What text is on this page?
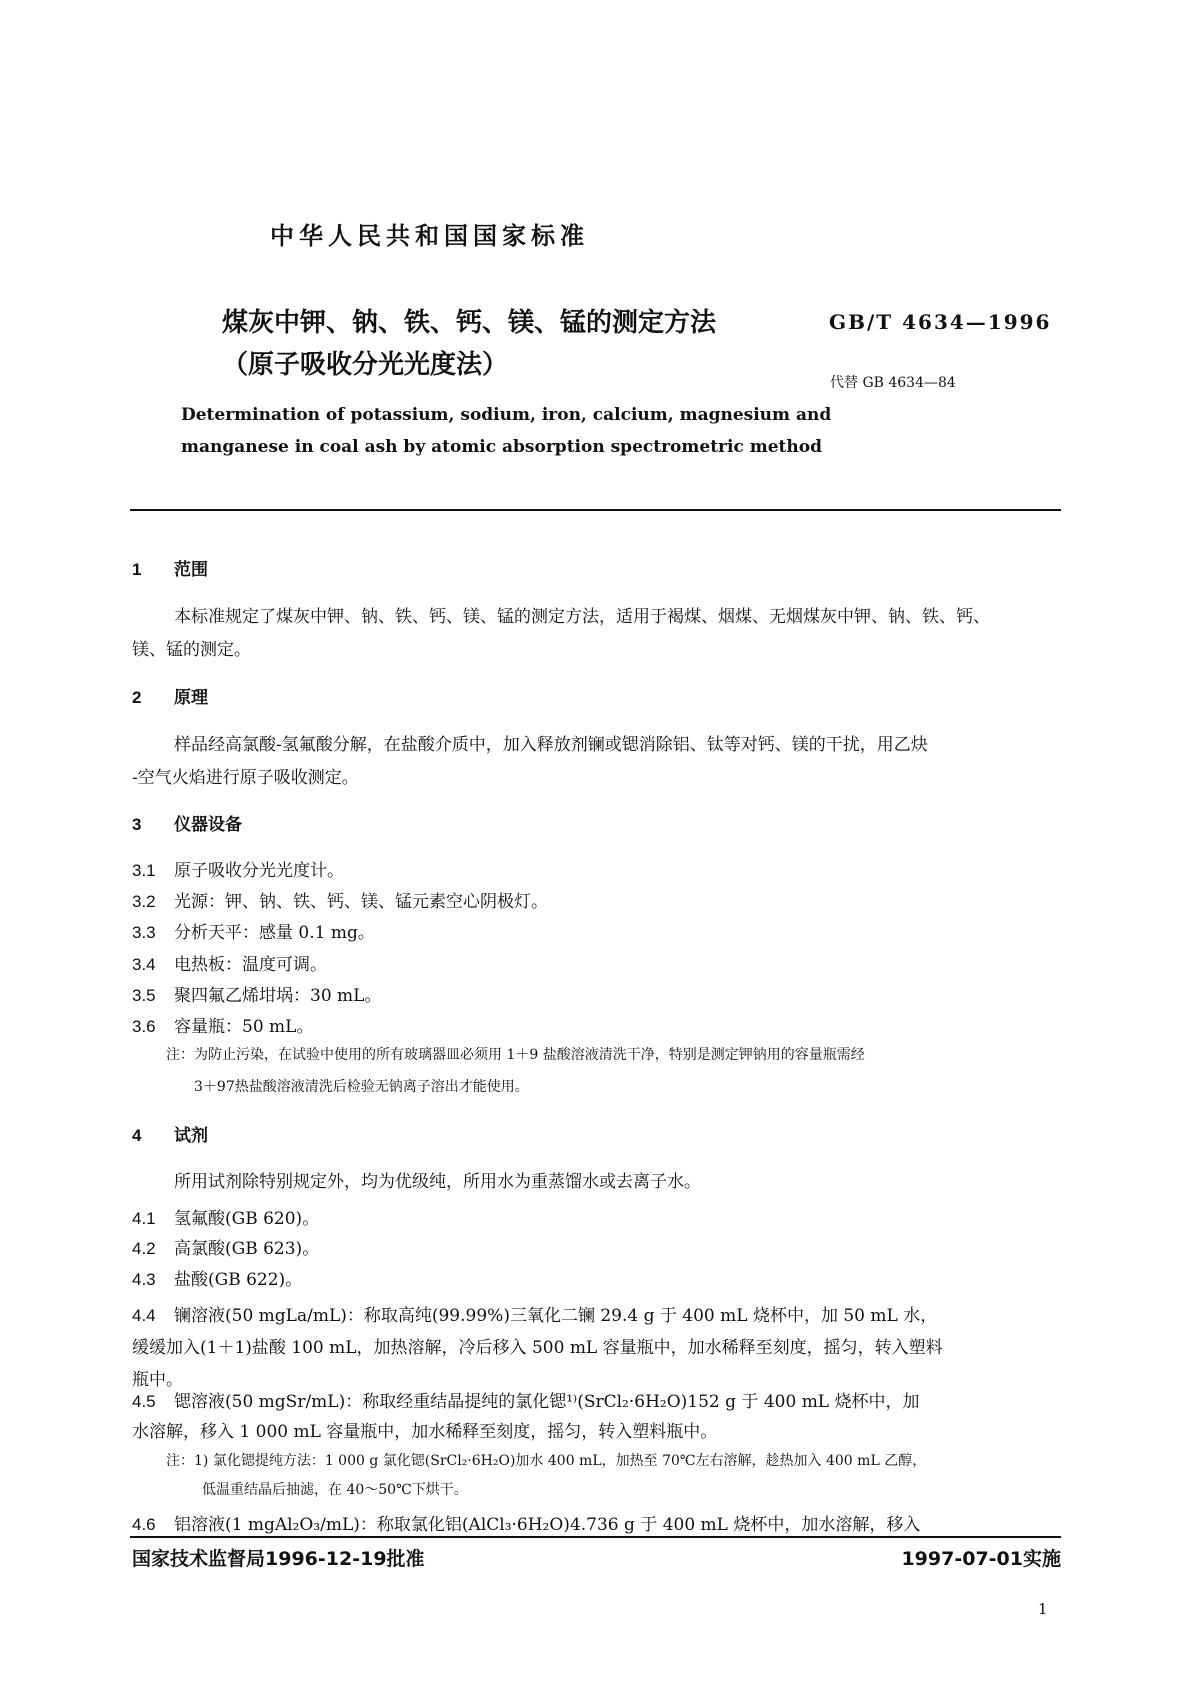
中华人民共和国国家标准
煤灰中钾、钠、铁、钙、镁、锰的测定方法
（原子吸收分光光度法）
GB/T 4634—1996
代替 GB 4634—84
Determination of potassium, sodium, iron, calcium, magnesium and
manganese in coal ash by atomic absorption spectrometric method
1 范围
本标准规定了煤灰中钾、钠、铁、钙、镁、锰的测定方法，适用于褐煤、烟煤、无烟煤灰中钾、钠、铁、钙、
镁、锰的测定。
2 原理
样品经高氯酸-氢氟酸分解，在盐酸介质中，加入释放剂镧或锶消除铝、钛等对钙、镁的干扰，用乙炔
-空气火焰进行原子吸收测定。
3 仪器设备
3.1 原子吸收分光光度计。
3.2 光源：钾、钠、铁、钙、镁、锰元素空心阴极灯。
3.3 分析天平：感量 0.1 mg。
3.4 电热板：温度可调。
3.5 聚四氟乙烯坩埚：30 mL。
3.6 容量瓶：50 mL。
注：为防止污染，在试验中使用的所有玻璃器皿必须用 1＋9 盐酸溶液清洗干净，特别是测定钾钠用的容量瓶需经
3＋97热盐酸溶液清洗后检验无钠离子溶出才能使用。
4 试剂
所用试剂除特别规定外，均为优级纯，所用水为重蒸馏水或去离子水。
4.1 氢氟酸(GB 620)。
4.2 高氯酸(GB 623)。
4.3 盐酸(GB 622)。
4.4 镧溶液(50 mgLa/mL)：称取高纯(99.99%)三氧化二镧 29.4 g 于 400 mL 烧杯中，加 50 mL 水，
缓缓加入(1＋1)盐酸 100 mL，加热溶解，冷后移入 500 mL 容量瓶中，加水稀释至刻度，摇匀，转入塑料
瓶中。
4.5 锶溶液(50 mgSr/mL)：称取经重结晶提纯的氯化锶¹⁾(SrCl₂·6H₂O)152 g 于 400 mL 烧杯中，加
水溶解，移入 1 000 mL 容量瓶中，加水稀释至刻度，摇匀，转入塑料瓶中。
注：1) 氯化锶提纯方法：1 000 g 氯化锶(SrCl₂·6H₂O)加水 400 mL，加热至 70℃左右溶解，趁热加入 400 mL 乙醇，
低温重结晶后抽滤，在 40～50℃下烘干。
4.6 铝溶液(1 mgAl₂O₃/mL)：称取氯化铝(AlCl₃·6H₂O)4.736 g 于 400 mL 烧杯中，加水溶解，移入
国家技术监督局1996-12-19批准	1997-07-01实施
1
